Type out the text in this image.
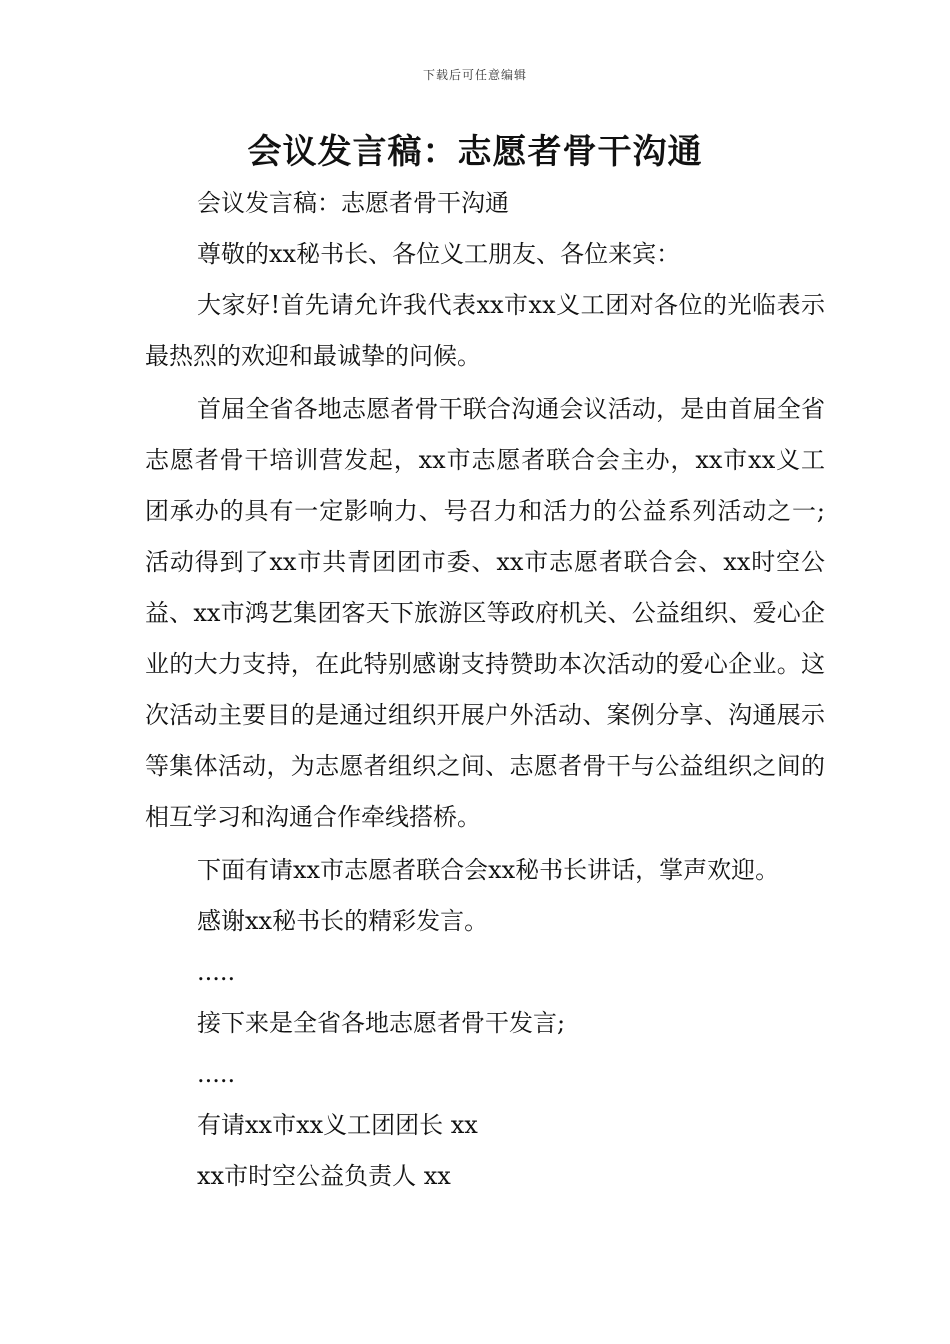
下载后可任意编辑
会议发言稿：志愿者骨干沟通

会议发言稿：志愿者骨干沟通

尊敬的xx秘书长、各位义工朋友、各位来宾：

大家好!首先请允许我代表xx市xx义工团对各位的光临表示最热烈的欢迎和最诚挚的问候。

首届全省各地志愿者骨干联合沟通会议活动，是由首届全省志愿者骨干培训营发起，xx市志愿者联合会主办，xx市xx义工团承办的具有一定影响力、号召力和活力的公益系列活动之一;活动得到了xx市共青团团市委、xx市志愿者联合会、xx时空公益、xx市鸿艺集团客天下旅游区等政府机关、公益组织、爱心企业的大力支持，在此特别感谢支持赞助本次活动的爱心企业。这次活动主要目的是通过组织开展户外活动、案例分享、沟通展示等集体活动，为志愿者组织之间、志愿者骨干与公益组织之间的相互学习和沟通合作牵线搭桥。

下面有请xx市志愿者联合会xx秘书长讲话，掌声欢迎。

感谢xx秘书长的精彩发言。

.....

接下来是全省各地志愿者骨干发言;

.....

有请xx市xx义工团团长 xx

xx市时空公益负责人 xx
